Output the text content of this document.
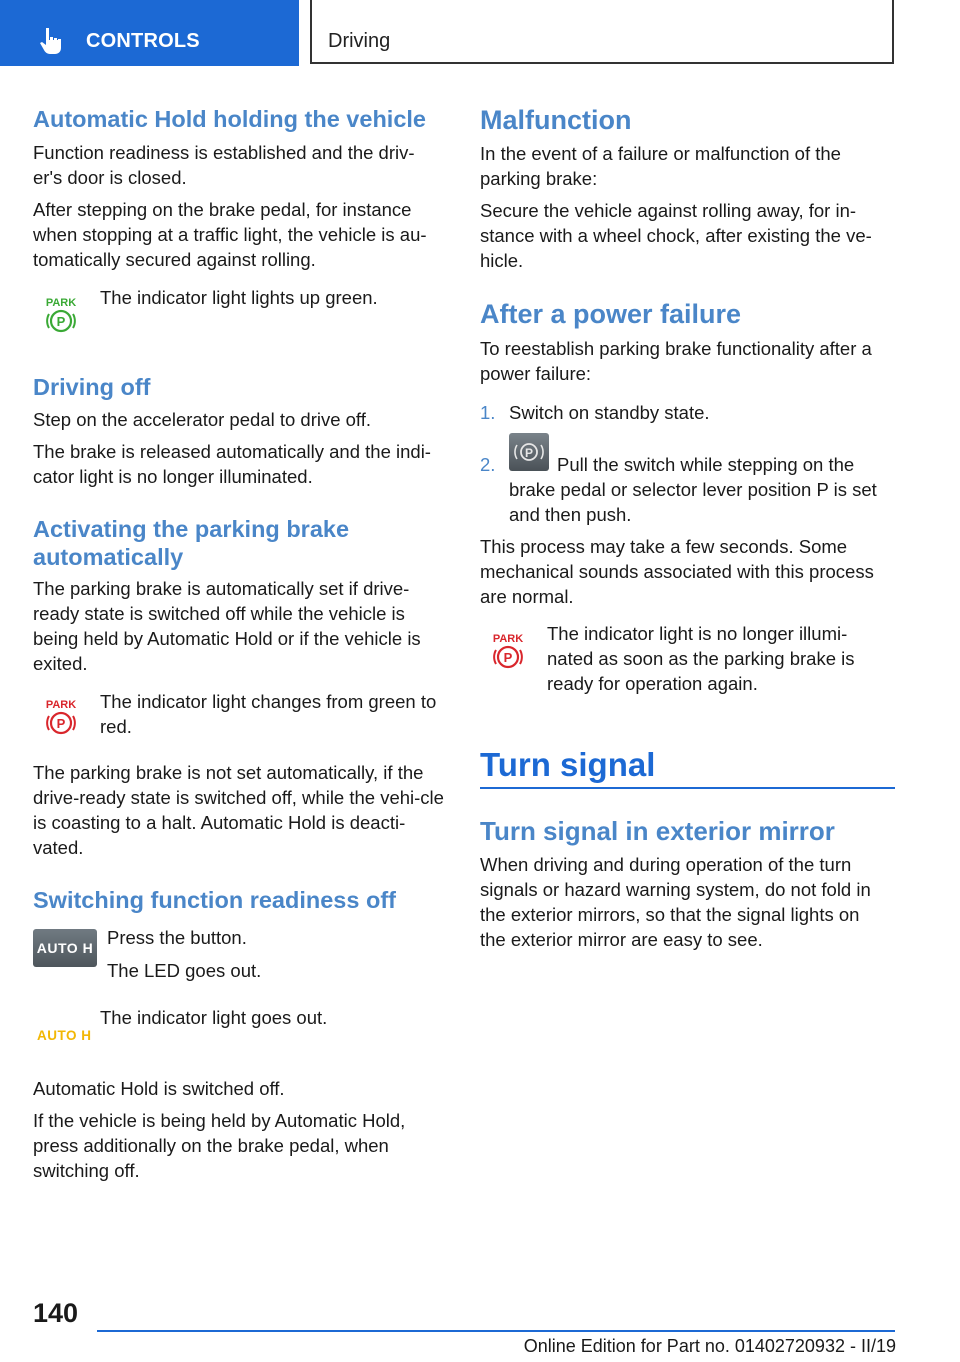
CONTROLS	Driving
Automatic Hold holding the vehicle

Function readiness is established and the driv-er's door is closed.

After stepping on the brake pedal, for instance when stopping at a traffic light, the vehicle is au-tomatically secured against rolling.

PARK
P

The indicator light lights up green.

Driving off

Step on the accelerator pedal to drive off.

The brake is released automatically and the indi-cator light is no longer illuminated.

Activating the parking brake
automatically

The parking brake is automatically set if drive-ready state is switched off while the vehicle is being held by Automatic Hold or if the vehicle is exited.

PARK
P

The indicator light changes from green to red.

The parking brake is not set automatically, if the drive-ready state is switched off, while the vehi-cle is coasting to a halt. Automatic Hold is deacti-vated.

Switching function readiness off
AUTO H Press the button.

The LED goes out.

AUTO H

The indicator light goes out.

Automatic Hold is switched off.

If the vehicle is being held by Automatic Hold, press additionally on the brake pedal, when switching off.

Malfunction

In the event of a failure or malfunction of the parking brake:

Secure the vehicle against rolling away, for in-stance with a wheel chock, after existing the ve-hicle.

After a power failure

To reestablish parking brake functionality after a power failure:

1. Switch on standby state.
2.
P

Pull the switch while stepping on the brake pedal or selector lever position P is set and then push.

This process may take a few seconds. Some mechanical sounds associated with this process are normal.

PARK
P

The indicator light is no longer illumi-nated as soon as the parking brake is ready for operation again.

Turn signal
Turn signal in exterior mirror

When driving and during operation of the turn signals or hazard warning system, do not fold in the exterior mirrors, so that the signal lights on the exterior mirror are easy to see.

140
Online Edition for Part no. 01402720932 - II/19
